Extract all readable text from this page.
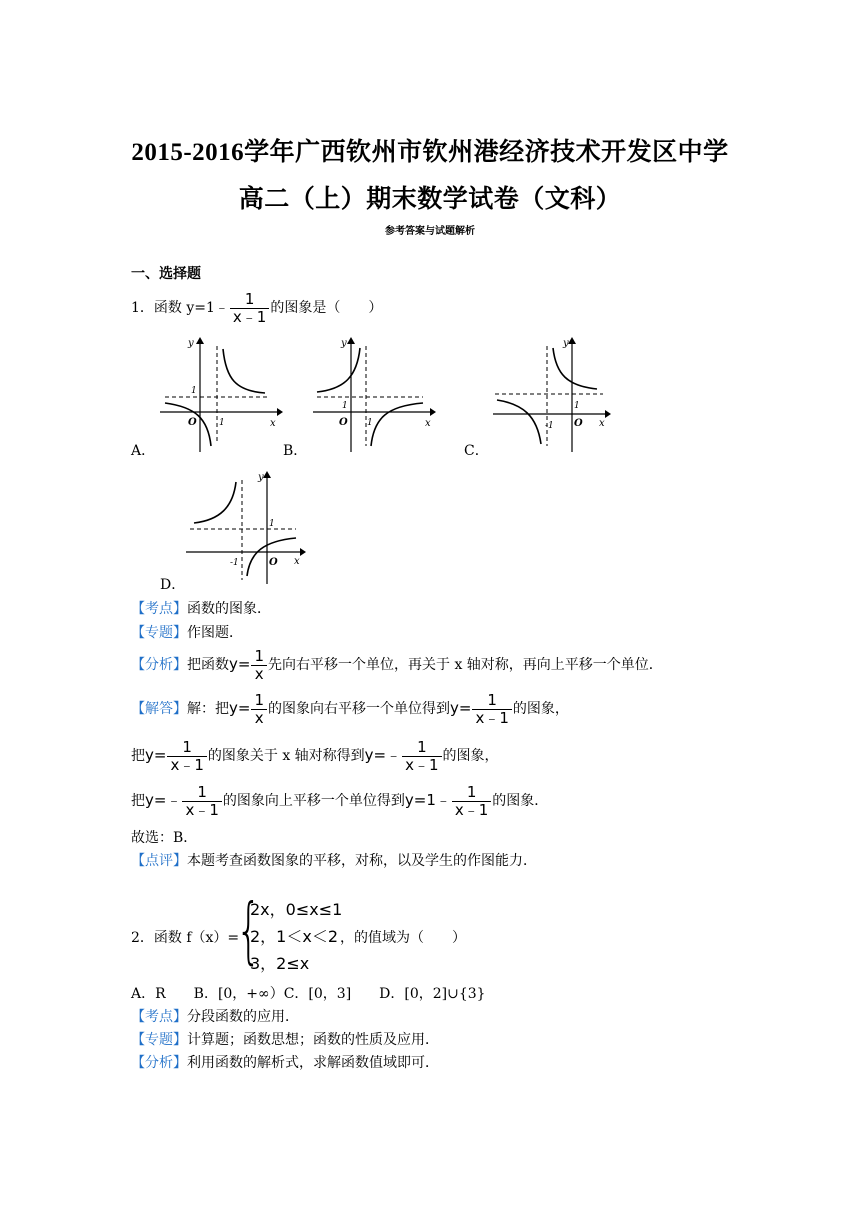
2015-2016学年广西钦州市钦州港经济技术开发区中学
高二（上）期末数学试卷（文科）
参考答案与试题解析
一、选择题
1．函数 y=1﹣ $\frac{1}{x﹣1}$ 的图象是（　　）
y
x
O
1
1
A．
y
x
O
1
1
B．
y
x
O
1
-1
C．
y
x
O
1
-1
D．
【考点】函数的图象．
【专题】作图题．
【分析】把函数$y= \frac{1}{x}$ 先向右平移一个单位，再关于 x 轴对称，再向上平移一个单位．
【解答】解：把$y= \frac{1}{x}$ 的图象向右平移一个单位得到$y= \frac{1}{x﹣1}$ 的图象，
把$y= \frac{1}{x﹣1}$ 的图象关于 x 轴对称得到y=﹣ $\frac{1}{x﹣1}$ 的图象，
把y=﹣ $\frac{1}{x﹣1}$ 的图象向上平移一个单位得到y=1﹣ $\frac{1}{x﹣1}$ 的图象．
故选：B．
【点评】本题考查函数图象的平移，对称，以及学生的作图能力．
2．函数 f（x）=
{
2x，0≤x≤1
2，1＜x＜2
3，2≤x
，的值域为（　　）
A．R　　B．[0，+∞）C．[0，3]　　D．[0，2]∪{3}
【考点】分段函数的应用．
【专题】计算题；函数思想；函数的性质及应用．
【分析】利用函数的解析式，求解函数值域即可．
